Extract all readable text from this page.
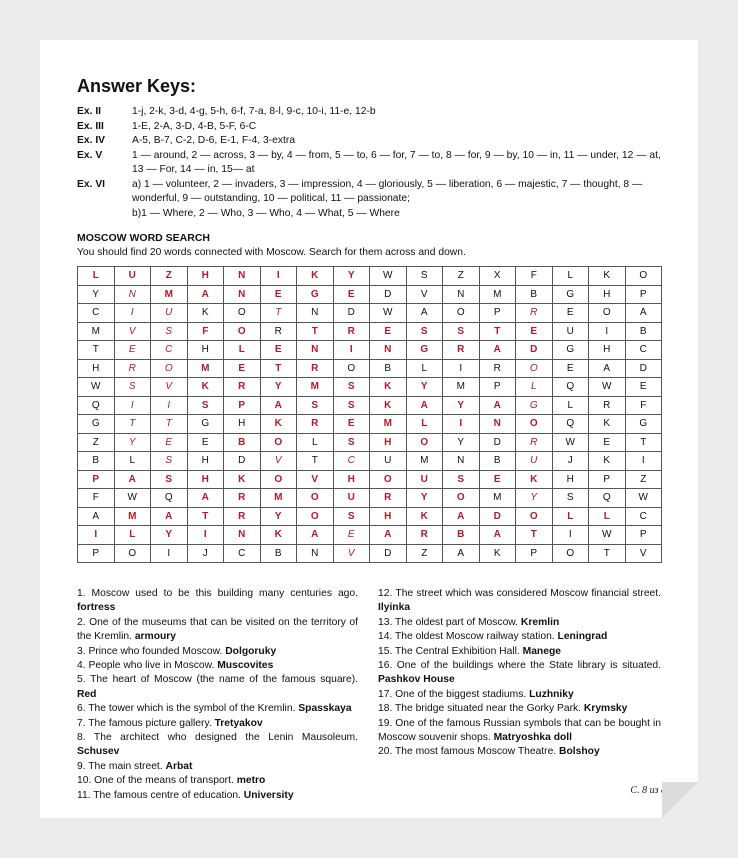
Answer Keys:
Ex. II	1-j, 2-k, 3-d, 4-g, 5-h, 6-f, 7-a, 8-l, 9-c, 10-i, 11-e, 12-b
Ex. III	1-E, 2-A, 3-D, 4-B, 5-F, 6-C
Ex. IV	A-5, B-7, C-2, D-6, E-1, F-4, 3-extra
Ex. V	1 — around, 2 — across, 3 — by, 4 — from, 5 — to, 6 — for, 7 — to, 8 — for, 9 — by, 10 — in, 11 — under, 12 — at, 13 — For, 14 — in, 15— at
Ex. VI	a) 1 — volunteer, 2 — invaders, 3 — impression, 4 — gloriously, 5 — liberation, 6 — majestic, 7 — thought, 8 — wonderful, 9 — outstanding, 10 — political, 11 — passionate;
b)1 — Where, 2 — Who, 3 — Who, 4 — What, 5 — Where
MOSCOW WORD SEARCH
You should find 20 words connected with Moscow. Search for them across and down.
L	U	Z	H	N	I	K	Y	W	S	Z	X	F	L	K	O
Y	N	M	A	N	E	G	E	D	V	N	M	B	G	H	P
C	I	U	K	O	T	N	D	W	A	O	P	R	E	O	A
M	V	S	F	O	R	T	R	E	S	S	T	E	U	I	B
T	E	C	H	L	E	N	I	N	G	R	A	D	G	H	C
H	R	O	M	E	T	R	O	B	L	I	R	O	E	A	D
W	S	V	K	R	Y	M	S	K	Y	M	P	L	Q	W	E
Q	I	I	S	P	A	S	S	K	A	Y	A	G	L	R	F
G	T	T	G	H	K	R	E	M	L	I	N	O	Q	K	G
Z	Y	E	E	B	O	L	S	H	O	Y	D	R	W	E	T
B	L	S	H	D	V	T	C	U	M	N	B	U	J	K	I
P	A	S	H	K	O	V	H	O	U	S	E	K	H	P	Z
F	W	Q	A	R	M	O	U	R	Y	O	M	Y	S	Q	W
A	M	A	T	R	Y	O	S	H	K	A	D	O	L	L	C
I	L	Y	I	N	K	A	E	A	R	B	A	T	I	W	P
P	O	I	J	C	B	N	V	D	Z	A	K	P	O	T	V
1. Moscow used to be this building many centuries ago. fortress
2. One of the museums that can be visited on the territory of the Kremlin. armoury
3. Prince who founded Moscow. Dolgoruky
4. People who live in Moscow. Muscovites
5. The heart of Moscow (the name of the famous square). Red
6. The tower which is the symbol of the Kremlin. Spasskaya
7. The famous picture gallery. Tretyakov
8. The architect who designed the Lenin Mausoleum. Schusev
9. The main street. Arbat
10. One of the means of transport. metro
11. The famous centre of education. University
12. The street which was considered Moscow financial street. Ilyinka
13. The oldest part of Moscow. Kremlin
14. The oldest Moscow railway station. Leningrad
15. The Central Exhibition Hall. Manege
16. One of the buildings where the State library is situated. Pashkov House
17. One of the biggest stadiums. Luzhniky
18. The bridge situated near the Gorky Park. Krymsky
19. One of the famous Russian symbols that can be bought in Moscow souvenir shops. Matryoshka doll
20. The most famous Moscow Theatre. Bolshoy
С. 8 из 8
